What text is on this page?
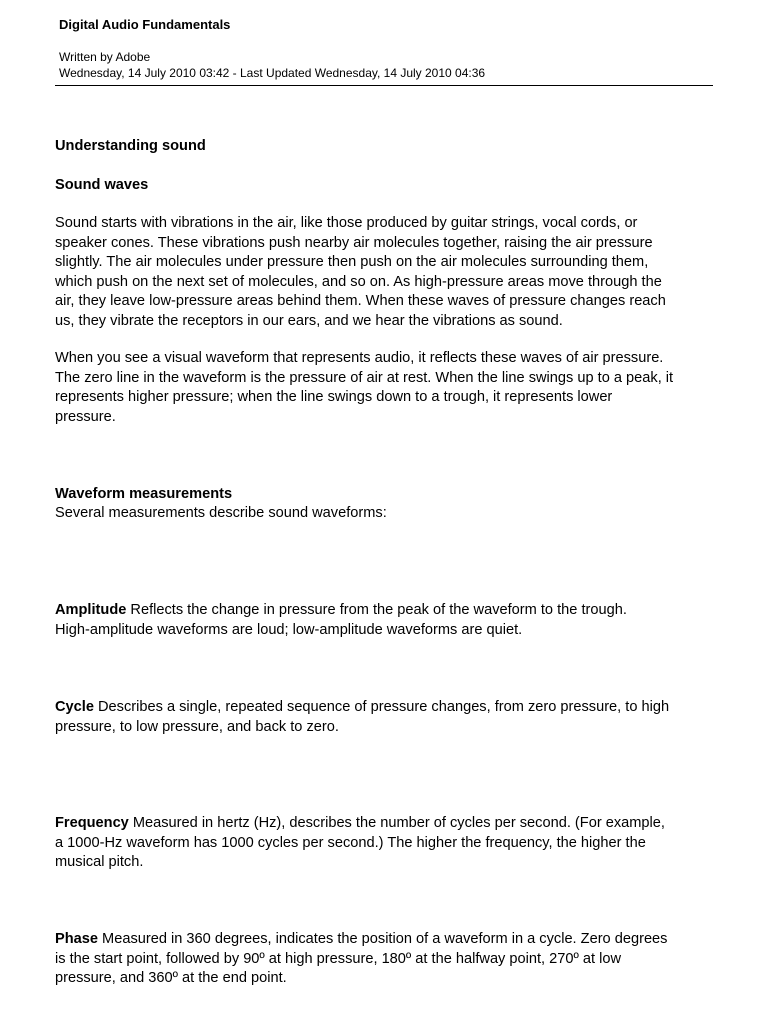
Digital Audio Fundamentals
Written by Adobe
Wednesday, 14 July 2010 03:42 - Last Updated Wednesday, 14 July 2010 04:36
Understanding sound
Sound waves
Sound starts with vibrations in the air, like those produced by guitar strings, vocal cords, or
speaker cones. These vibrations push nearby air molecules together, raising the air pressure
slightly. The air molecules under pressure then push on the air molecules surrounding them,
which push on the next set of molecules, and so on. As high-pressure areas move through the
air, they leave low-pressure areas behind them. When these waves of pressure changes reach
us, they vibrate the receptors in our ears, and we hear the vibrations as sound.
When you see a visual waveform that represents audio, it reflects these waves of air pressure.
The zero line in the waveform is the pressure of air at rest. When the line swings up to a peak, it
represents higher pressure; when the line swings down to a trough, it represents lower
pressure.
Waveform measurements
Several measurements describe sound waveforms:
Amplitude Reflects the change in pressure from the peak of the waveform to the trough.
High-amplitude waveforms are loud; low-amplitude waveforms are quiet.
Cycle Describes a single, repeated sequence of pressure changes, from zero pressure, to high
pressure, to low pressure, and back to zero.
Frequency Measured in hertz (Hz), describes the number of cycles per second. (For example,
a 1000-Hz waveform has 1000 cycles per second.) The higher the frequency, the higher the
musical pitch.
Phase Measured in 360 degrees, indicates the position of a waveform in a cycle. Zero degrees
is the start point, followed by 90º at high pressure, 180º at the halfway point, 270º at low
pressure, and 360º at the end point.
